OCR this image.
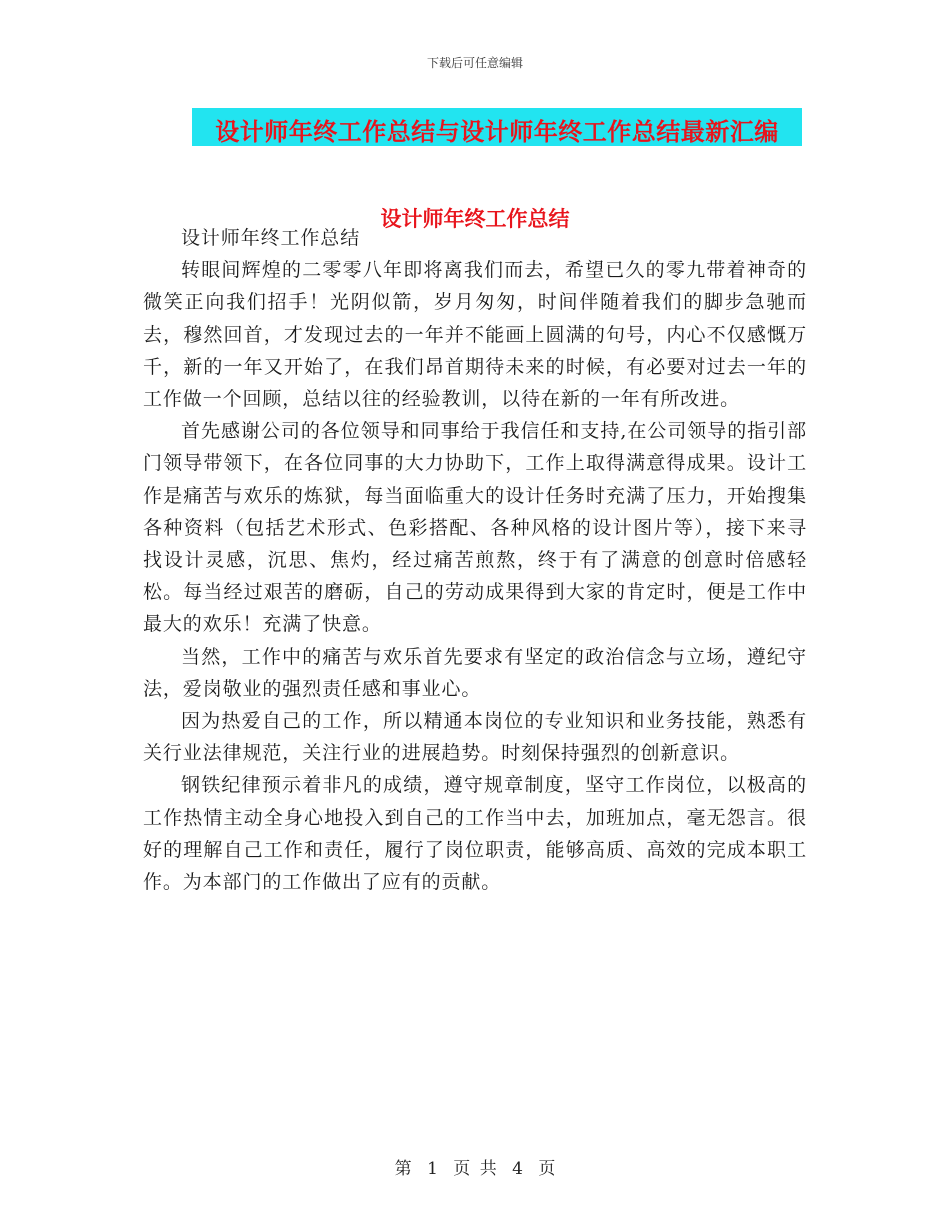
下载后可任意编辑
设计师年终工作总结与设计师年终工作总结最新汇编
设计师年终工作总结

设计师年终工作总结

转眼间辉煌的二零零八年即将离我们而去，希望已久的零九带着神奇的微笑正向我们招手！光阴似箭，岁月匆匆，时间伴随着我们的脚步急驰而去，穆然回首，才发现过去的一年并不能画上圆满的句号，内心不仅感慨万千，新的一年又开始了，在我们昂首期待未来的时候，有必要对过去一年的工作做一个回顾，总结以往的经验教训，以待在新的一年有所改进。

首先感谢公司的各位领导和同事给于我信任和支持,在公司领导的指引部门领导带领下，在各位同事的大力协助下，工作上取得满意得成果。设计工作是痛苦与欢乐的炼狱，每当面临重大的设计任务时充满了压力，开始搜集各种资料（包括艺术形式、色彩搭配、各种风格的设计图片等），接下来寻找设计灵感，沉思、焦灼，经过痛苦煎熬，终于有了满意的创意时倍感轻松。每当经过艰苦的磨砺，自己的劳动成果得到大家的肯定时，便是工作中最大的欢乐！充满了快意。

当然，工作中的痛苦与欢乐首先要求有坚定的政治信念与立场，遵纪守法，爱岗敬业的强烈责任感和事业心。

因为热爱自己的工作，所以精通本岗位的专业知识和业务技能，熟悉有关行业法律规范，关注行业的进展趋势。时刻保持强烈的创新意识。

钢铁纪律预示着非凡的成绩，遵守规章制度，坚守工作岗位，以极高的工作热情主动全身心地投入到自己的工作当中去，加班加点，毫无怨言。很好的理解自己工作和责任，履行了岗位职责，能够高质、高效的完成本职工作。为本部门的工作做出了应有的贡献。

第 1 页 共 4 页
